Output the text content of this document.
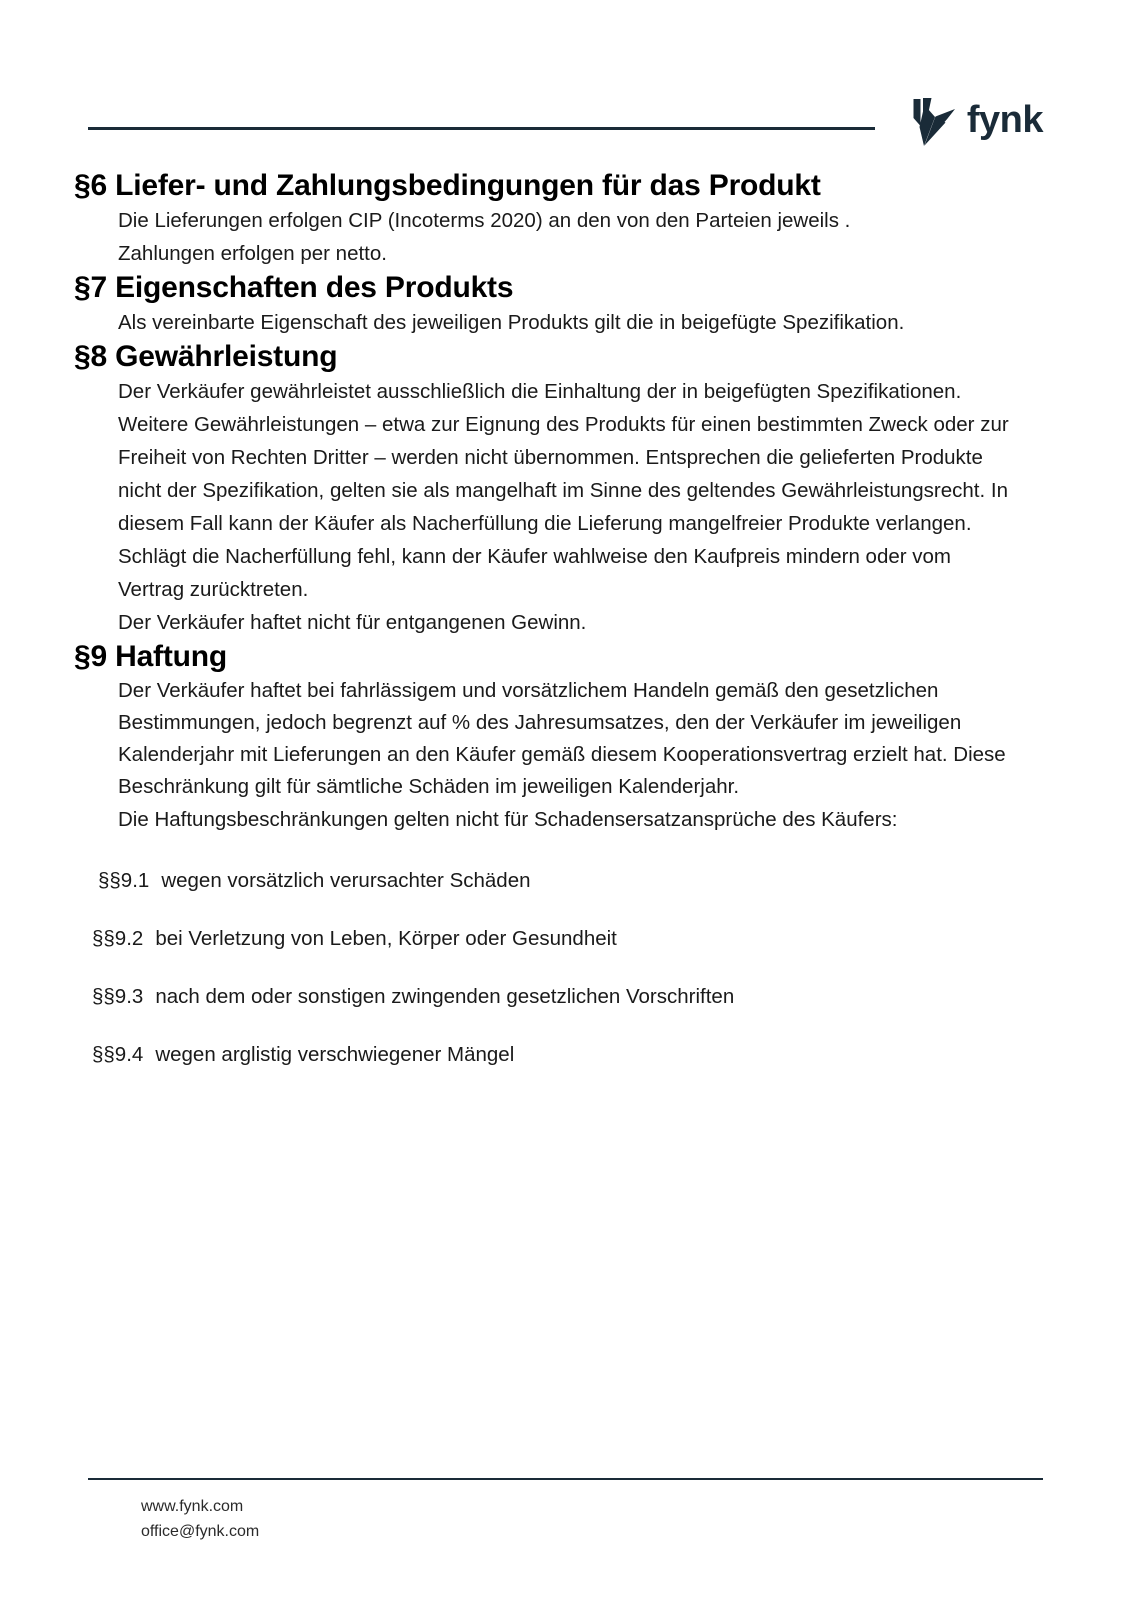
fynk
§6 Liefer- und Zahlungsbedingungen für das Produkt

Die Lieferungen erfolgen CIP (Incoterms 2020) an den von den Parteien jeweils .

Zahlungen erfolgen per netto.

§7 Eigenschaften des Produkts

Als vereinbarte Eigenschaft des jeweiligen Produkts gilt die in beigefügte Spezifikation.

§8 Gewährleistung

Der Verkäufer gewährleistet ausschließlich die Einhaltung der in beigefügten Spezifikationen.

Weitere Gewährleistungen – etwa zur Eignung des Produkts für einen bestimmten Zweck oder zur Freiheit von Rechten Dritter – werden nicht übernommen. Entsprechen die gelieferten Produkte nicht der Spezifikation, gelten sie als mangelhaft im Sinne des geltendes Gewährleistungsrecht. In diesem Fall kann der Käufer als Nacherfüllung die Lieferung mangelfreier Produkte verlangen. Schlägt die Nacherfüllung fehl, kann der Käufer wahlweise den Kaufpreis mindern oder vom Vertrag zurücktreten.

Der Verkäufer haftet nicht für entgangenen Gewinn.

§9 Haftung

Der Verkäufer haftet bei fahrlässigem und vorsätzlichem Handeln gemäß den gesetzlichen Bestimmungen, jedoch begrenzt auf % des Jahresumsatzes, den der Verkäufer im jeweiligen Kalenderjahr mit Lieferungen an den Käufer gemäß diesem Kooperationsvertrag erzielt hat. Diese Beschränkung gilt für sämtliche Schäden im jeweiligen Kalenderjahr.

Die Haftungsbeschränkungen gelten nicht für Schadensersatzansprüche des Käufers:

§§9.1 wegen vorsätzlich verursachter Schäden
§§9.2 bei Verletzung von Leben, Körper oder Gesundheit
§§9.3 nach dem oder sonstigen zwingenden gesetzlichen Vorschriften
§§9.4 wegen arglistig verschwiegener Mängel
www.fynk.com
office@fynk.com
